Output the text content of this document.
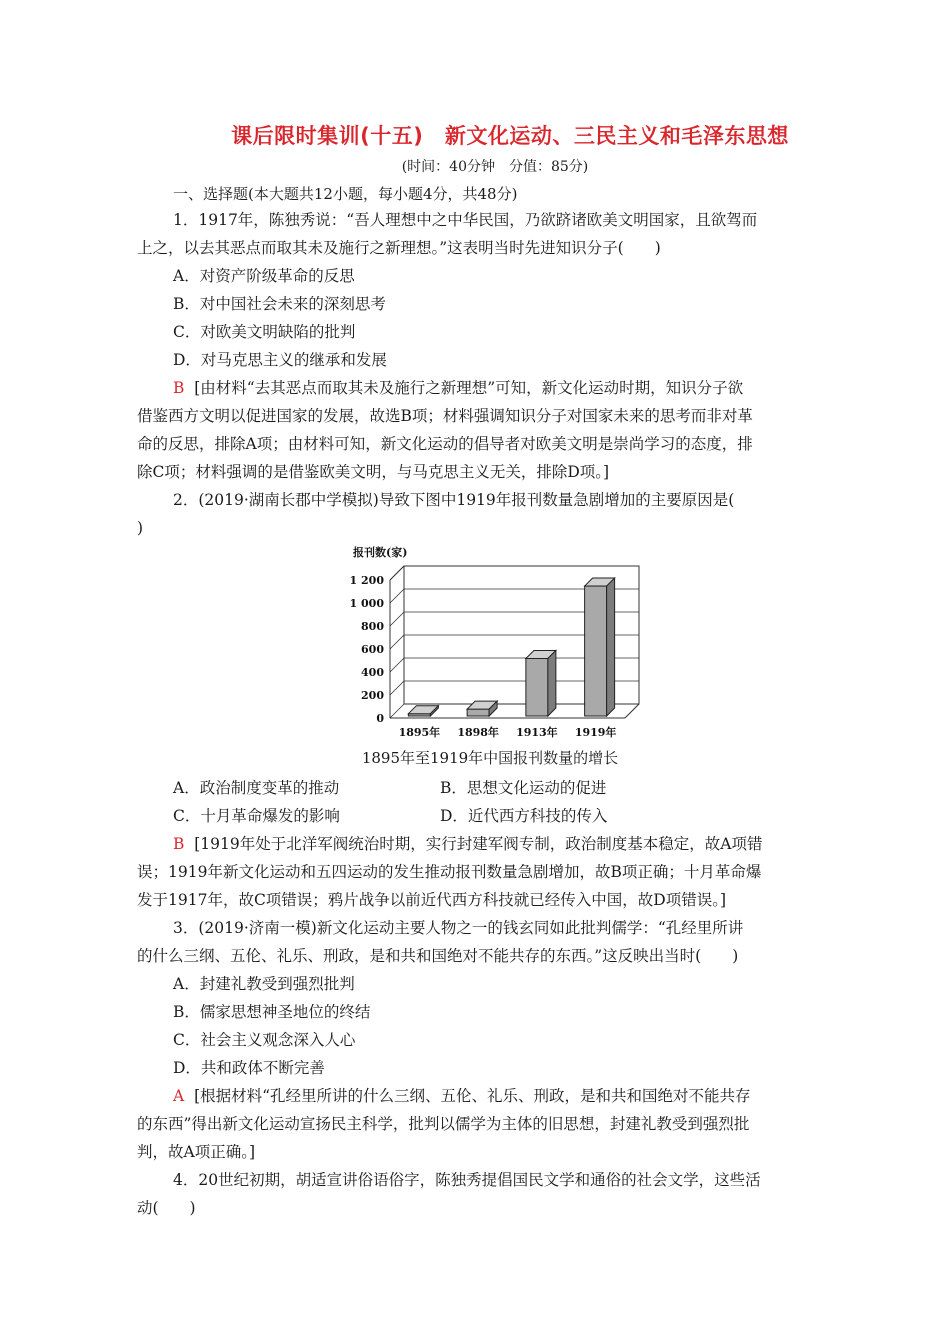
课后限时集训(十五)　新文化运动、三民主义和毛泽东思想
(时间：40分钟　分值：85分)
一、选择题(本大题共12小题，每小题4分，共48分)
1．1917年，陈独秀说：“吾人理想中之中华民国，乃欲跻诸欧美文明国家，且欲驾而
上之，以去其恶点而取其未及施行之新理想。”这表明当时先进知识分子(　　)
A．对资产阶级革命的反思
B．对中国社会未来的深刻思考
C．对欧美文明缺陷的批判
D．对马克思主义的继承和发展
B [由材料“去其恶点而取其未及施行之新理想”可知，新文化运动时期，知识分子欲
借鉴西方文明以促进国家的发展，故选B项；材料强调知识分子对国家未来的思考而非对革
命的反思，排除A项；由材料可知，新文化运动的倡导者对欧美文明是崇尚学习的态度，排
除C项；材料强调的是借鉴欧美文明，与马克思主义无关，排除D项。]
2．(2019·湖南长郡中学模拟)导致下图中1919年报刊数量急剧增加的主要原因是(
)
报刊数(家)
0
200
400
600
800
1 000
1 200
1895年 1898年 1913年 1919年
1895年至1919年中国报刊数量的增长
A．政治制度变革的推动	B．思想文化运动的促进
C．十月革命爆发的影响	D．近代西方科技的传入
B [1919年处于北洋军阀统治时期，实行封建军阀专制，政治制度基本稳定，故A项错
误；1919年新文化运动和五四运动的发生推动报刊数量急剧增加，故B项正确；十月革命爆
发于1917年，故C项错误；鸦片战争以前近代西方科技就已经传入中国，故D项错误。]
3．(2019·济南一模)新文化运动主要人物之一的钱玄同如此批判儒学：“孔经里所讲
的什么三纲、五伦、礼乐、刑政，是和共和国绝对不能共存的东西。”这反映出当时(　　)
A．封建礼教受到强烈批判
B．儒家思想神圣地位的终结
C．社会主义观念深入人心
D．共和政体不断完善
A [根据材料“孔经里所讲的什么三纲、五伦、礼乐、刑政，是和共和国绝对不能共存
的东西”得出新文化运动宣扬民主科学，批判以儒学为主体的旧思想，封建礼教受到强烈批
判，故A项正确。]
4．20世纪初期，胡适宣讲俗语俗字，陈独秀提倡国民文学和通俗的社会文学，这些活
动(　　)
